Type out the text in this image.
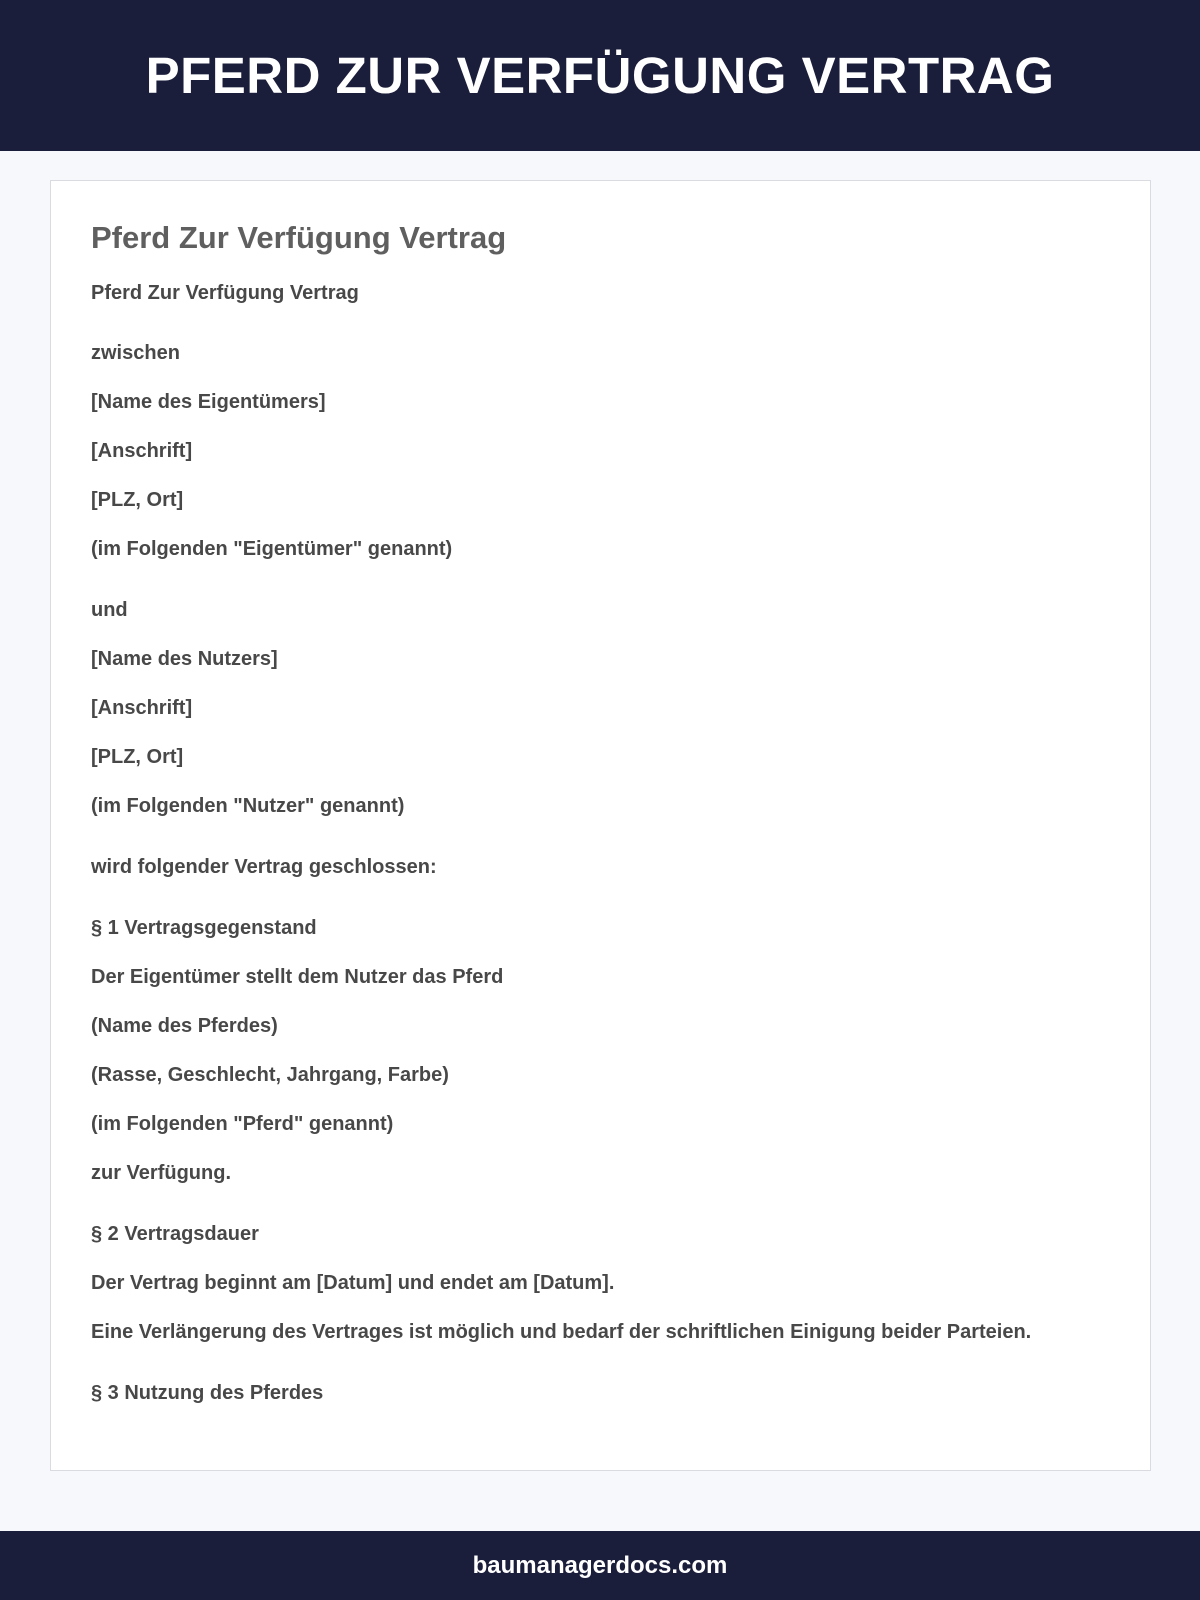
PFERD ZUR VERFÜGUNG VERTRAG
Pferd Zur Verfügung Vertrag
Pferd Zur Verfügung Vertrag
zwischen
[Name des Eigentümers]
[Anschrift]
[PLZ, Ort]
(im Folgenden "Eigentümer" genannt)
und
[Name des Nutzers]
[Anschrift]
[PLZ, Ort]
(im Folgenden "Nutzer" genannt)
wird folgender Vertrag geschlossen:
§ 1 Vertragsgegenstand
Der Eigentümer stellt dem Nutzer das Pferd
(Name des Pferdes)
(Rasse, Geschlecht, Jahrgang, Farbe)
(im Folgenden "Pferd" genannt)
zur Verfügung.
§ 2 Vertragsdauer
Der Vertrag beginnt am [Datum] und endet am [Datum].
Eine Verlängerung des Vertrages ist möglich und bedarf der schriftlichen Einigung beider Parteien.
§ 3 Nutzung des Pferdes
baumanagerdocs.com
